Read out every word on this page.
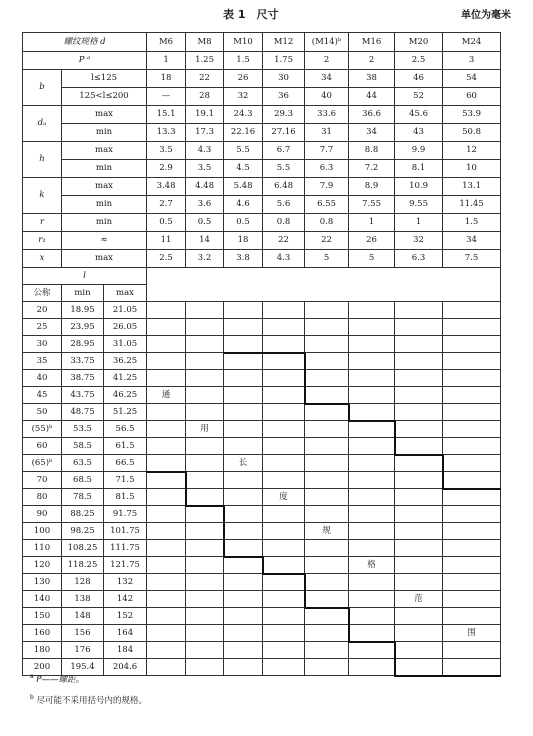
表 1　尺寸	单位为毫米
螺纹规格 d			M6	M8	M10	M12	(M14)ᵇ	M16	M20	M24
P ᵃ			1	1.25	1.5	1.75	2	2	2.5	3
b	l≤125		18	22	26	30	34	38	46	54
	125<l≤200		—	28	32	36	40	44	52	60
dₐ	max		15.1	19.1	24.3	29.3	33.6	36.6	45.6	53.9
	min		13.3	17.3	22.16	27.16	31	34	43	50.8
h	max		3.5	4.3	5.5	6.7	7.7	8.8	9.9	12
	min		2.9	3.5	4.5	5.5	6.3	7.2	8.1	10
k	max		3.48	4.48	5.48	6.48	7.9	8.9	10.9	13.1
	min		2.7	3.6	4.6	5.6	6.55	7.55	9.55	11.45
r	min		0.5	0.5	0.5	0.8	0.8	1	1	1.5
r₁	≈		11	14	18	22	22	26	32	34
x	max		2.5	3.2	3.8	4.3	5	5	6.3	7.5
l										
公称	min	max								
20	18.95	21.05								
25	23.95	26.05								
30	28.95	31.05								
35	33.75	36.25								
40	38.75	41.25								
45	43.75	46.25	通							
50	48.75	51.25								
(55)ᵇ	53.5	56.5		用						
60	58.5	61.5								
(65)ᵇ	63.5	66.5			长					
70	68.5	71.5								
80	78.5	81.5				度				
90	88.25	91.75								
100	98.25	101.75					规			
110	108.25	111.75								
120	118.25	121.75						格		
130	128	132								
140	138	142							范	
150	148	152								
160	156	164								围
180	176	184								
200	195.4	204.6								
$^a$ P——螺距。
$^b$ 尽可能不采用括号内的规格。
